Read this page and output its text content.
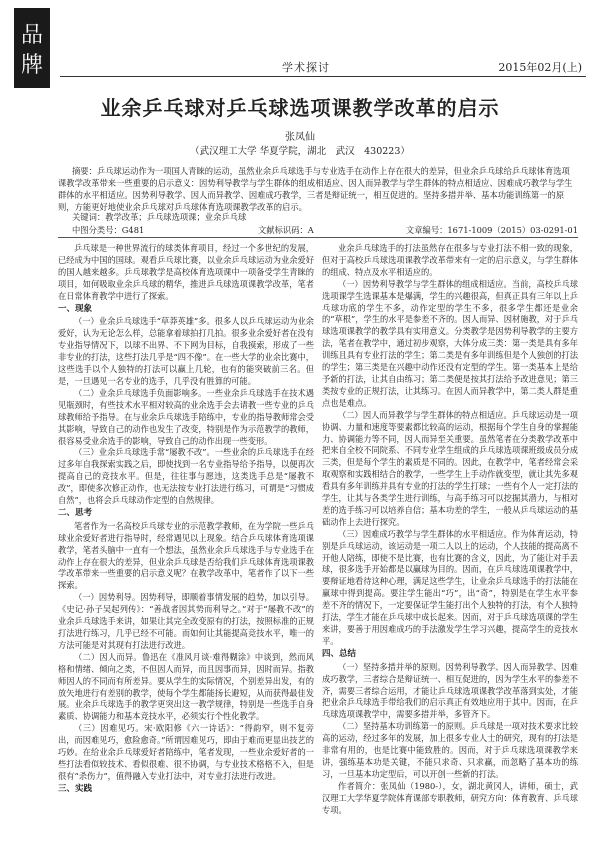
品
牌	学术探讨	2015年02月(上)
业余乒乓球对乒乓球选项课教学改革的启示
张凤仙
（武汉理工大学 华夏学院，湖北　武汉　430223）
摘要：乒乓球运动作为一项国人青睐的运动，虽然业余乒乓球选手与专业选手在动作上存在很大的差异，但业余乒乓球给乒乓球体育选项课教学改革带来一些重要的启示意义：因势利导教学与学生群体的组成相适应、因人而异教学与学生群体的特点相适应、因难成巧教学与学生群体的水平相适应。因势利导教学、因人而异教学、因难成巧教学，三者是辩证统一，相互促进的。坚持多措并举、基本功能训练第一的原则，方能更好地使业余乒乓球对乒乓球体育选项课教学改革的启示。
关键词：教学改革；乒乓球选项课；业余乒乓球
中图分类号：G481	文献标识码：A	文章编号：1671-1009（2015）03-0291-01

乒乓球是一种世界流行的球类体育项目，经过一个多世纪的发展，已经成为中国的国球。观看乒乓球比赛，以业余乒乓球运动为业余爱好的国人越来越多。乒乓球教学是高校体育选项课中一项备受学生青睐的项目，如何吸取业余乒乓球的精华，推进乒乓球选项课教学改革，笔者在日常体育教学中进行了探索。

一、现象

（一）业余乒乓球选手“草莽英雄”多。很多人以乒乓球运动为业余爱好，认为无论怎么样，总能拿着球拍打几拍。很多业余爱好者在没有专业指导情况下，以球不出界、不下网为目标，自我摸索，形成了一些非专业的打法，这些打法几乎是“四不像”。在一些大学的业余比赛中，这些选手以个人独特的打法可以赢上几轮，也有的能突破前三名。但是，一旦遇见一名专业的选手，几乎没有胜算的可能。

（二）业余乒乓球选手负面影响多。一些业余乒乓球选手在技术遇见瓶颈时，有些技术水平相对较高的业余选手会去请教一些专业的乒乓球教师给予指导。在与业余乒乓球选手陪练中，专业的指导教师常会受其影响，导致自己的动作也发生了改变，特别是作为示范教学的教师，很容易受业余选手的影响，导致自己的动作出现一些变形。

（三）业余乒乓球选手常“屡教不改”。一些业余的乒乓球选手在经过多年自我探索实践之后，即使找到一名专业指导给予指导，以便再次提高自己的竞技水平。但是，往往事与愿违，这类选手总是“屡教不改”，即使多次修正动作，也无法按专业打法进行练习，可谓是“习惯成自然”，也将会乒乓球动作定型的自然规律。

二、思考

笔者作为一名高校乒乓球专业的示范教学教师，在为学院一些乒乓球业余爱好者进行指导时，经常遇见以上现象。结合乒乓球体育选项课教学，笔者头脑中一直有一个想法，虽然业余乒乓球选手与专业选手在动作上存在很大的差异，但业余乒乓球是否给我们乒乓球体育选项课教学改革带来一些重要的启示意义呢？在教学改革中，笔者作了以下一些探索。

（一）因势利导。因势利导，即顺着事情发展的趋势，加以引导。《史记·孙子吴起列传》：“善战者因其势而利导之。”对于“屡教不改”的业余乒乓球选手来讲，如果让其完全改变原有的打法，按照标准的正规打法进行练习，几乎已经不可能。而如何让其能提高竞技水平，唯一的方法可能是对其现有打法进行改进。

（二）因人而异。鲁迅在《准风月谈·难得糊涂》中谈到，然而风格和情绪、倾向之类，不但因人而异，而且因事而异，因时而异。指教师因人的不同而有所差异。要从学生的实际情况，个别差异出发，有的放矢地进行有差别的教学，使每个学生都能扬长避短，从而获得最佳发展。业余乒乓球选手的教学更突出这一教学规律，特别是一些选手自身素质、协调能力和基本竞技水平，必须实行个性化教学。

（三）因难见巧。宋·欧阳修《六一诗话》：“得韵窄，则不复旁出，而因难见巧，愈险愈奇。”所谓因难见巧，即由于难而更显出技艺的巧妙。在给业余乒乓球爱好者陪练中，笔者发现，一些业余爱好者的一些打法看似较技术、看似很难、很不协调，与专业技术格格不入，但是很有“杀伤力”，值得融入专业打法中，对专业打法进行改进。

三、实践

业余乒乓球选手的打法虽然存在很多与专业打法不相一致的现象，但对于高校乒乓球选项课教学改革带来有一定的启示意义，与学生群体的组成、特点及水平相适应的。

（一）因势利导教学与学生群体的组成相适应。当前，高校乒乓球选项课学生选课基本是爆满，学生的兴趣很高，但真正具有三年以上乒乓球功底的学生不多，动作定型的学生不多，很多学生都还是业余的“草根”，学生的水平是参差不齐的。因人而异、因材施教，对于乒乓球选项课教学的教学具有实用意义。分类教学是因势利导教学的主要方法，笔者在教学中，通过初步观察，大体分成三类：第一类是具有多年训练且具有专业打法的学生；第二类是有多年训练但是个人独创的打法的学生；第三类是在兴趣中动作还没有定型的学生。第一类基本上是给予新的打法，让其自由练习；第二类便是按其打法给予改进意见；第三类按专业的正规打法，让其练习。在因人而异教学中，第二类人群是重点也是难点。

（二）因人而异教学与学生群体的特点相适应。乒乓球运动是一项协调、力量和速度等要素都比较高的运动，根据每个学生自身的掌握能力、协调能力等不同，因人而异至关重要。虽然笔者在分类教学改革中把来自全校不同院系、不同专业学生组成的乒乓球选项课班级成员分成三类，但是每个学生的素质是不同的。因此，在教学中，笔者经常会采取观察和实践相结合的教学，一些学生上手动作就变型，就让其先多观看具有多年训练并具有专业的打法的学生打球；一些有个人一定打法的学生，让其与各类学生进行训练，与高手练习可以挖掘其潜力，与相对差的选手练习可以培养自信；基本功差的学生，一般从乒乓球运动的基础动作上去进行探究。

（三）因难成巧教学与学生群体的水平相适应。作为体育运动，特别是乒乓球运动，该运动是一项二人以上的运动，个人技能的提高离不开他人陪练，即使不是比赛，也有比赛的含义，因此，为了能让对手丢球，很多选手开始都是以赢球为目的。因而，在乒乓球选项课教学中，要辩证地看待这种心理，满足这些学生，让业余乒乓球选手的打法能在赢球中得到提高。要注学生能出“巧”，出“奇”，特别是在学生水平参差不齐的情况下，一定要保证学生能打出个人独特的打法，有个人独特打法，学生才能在乒乓球中成长起来。因而，对于乒乓球选项课的学生来讲，要善于用因难成巧的手法激发学生学习兴趣，提高学生的竞技水平。

四、总结

（一）坚持多措并举的原则。因势利导教学、因人而异教学、因难成巧教学，三者综合是辩证统一、相互促进的，因为学生水平的参差不齐，需要三者综合运用，才能让乒乓球选项课教学改革落到实处，才能把业余乒乓球选手带给我们的启示真正有效地应用于其中。因而，在乒乓球选项课教学中，需要多措并举，多管齐下。

（二）坚持基本功训练第一的原则。乒乓球是一项对技术要求比较高的运动，经过多年的发展，加上很多专业人士的研究，现有的打法是非常有用的，也是比赛中能致胜的。因而，对于乒乓球选项课教学来讲，强练基本功是关键，不能只求奇、只求赢，而忽略了基本功的练习，一旦基本功定型后，可以开创一些新的打法。

作者简介：张凤仙（1980-），女，湖北黄冈人，讲师，硕士，武汉理工大学华夏学院体育课部专职教师，研究方向：体育教育、乒乓球专项。
